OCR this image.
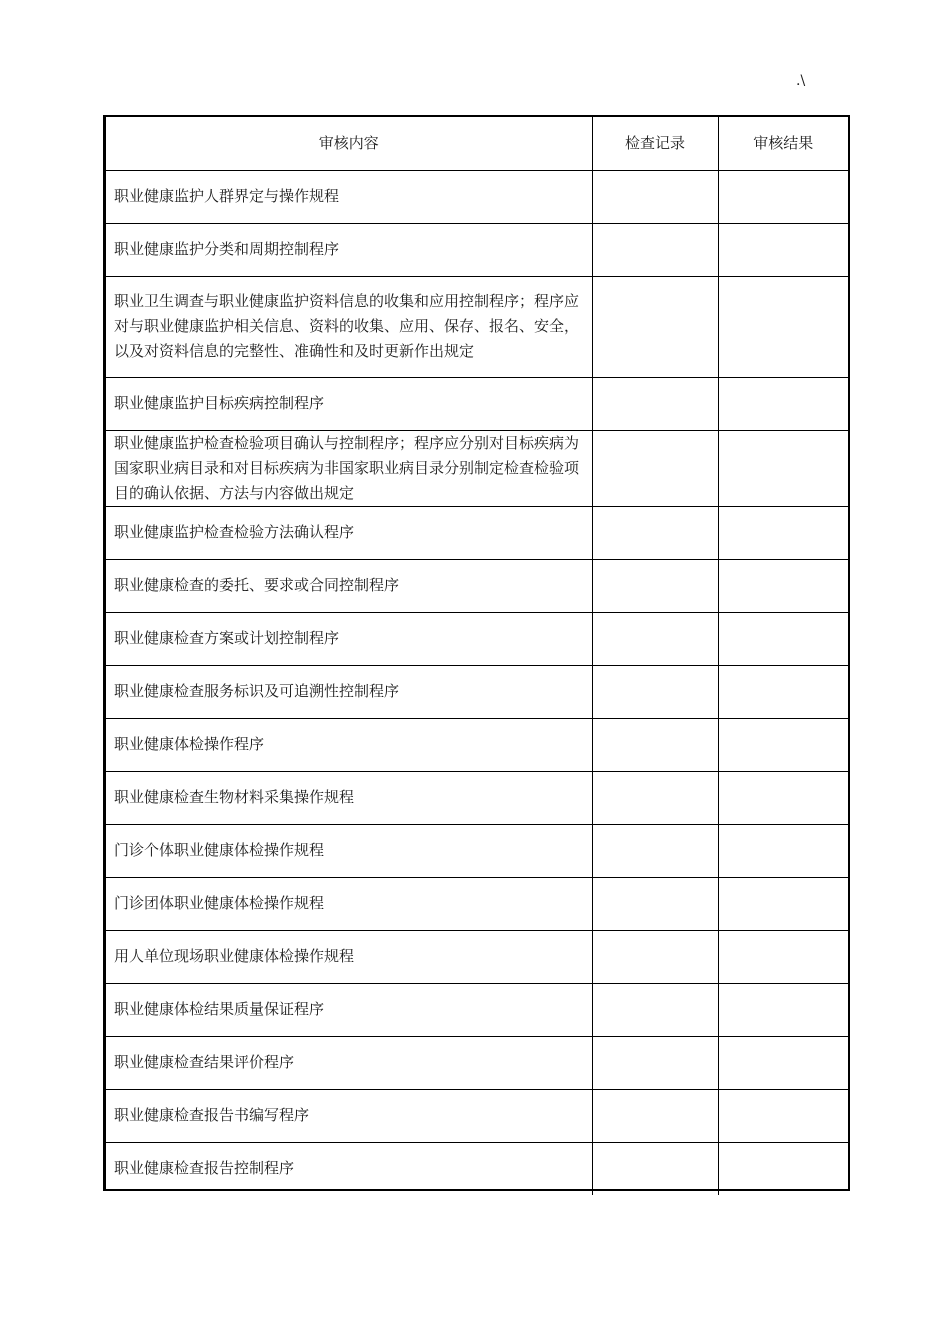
.\
审核内容	检查记录	审核结果
职业健康监护人群界定与操作规程		
职业健康监护分类和周期控制程序		
职业卫生调查与职业健康监护资料信息的收集和应用控制程序；程序应对与职业健康监护相关信息、资料的收集、应用、保存、报名、安全，以及对资料信息的完整性、准确性和及时更新作出规定		
职业健康监护目标疾病控制程序		
职业健康监护检查检验项目确认与控制程序；程序应分别对目标疾病为国家职业病目录和对目标疾病为非国家职业病目录分别制定检查检验项目的确认依据、方法与内容做出规定		
职业健康监护检查检验方法确认程序		
职业健康检查的委托、要求或合同控制程序		
职业健康检查方案或计划控制程序		
职业健康检查服务标识及可追溯性控制程序		
职业健康体检操作程序		
职业健康检查生物材料采集操作规程		
门诊个体职业健康体检操作规程		
门诊团体职业健康体检操作规程		
用人单位现场职业健康体检操作规程		
职业健康体检结果质量保证程序		
职业健康检查结果评价程序		
职业健康检查报告书编写程序		
职业健康检查报告控制程序		
